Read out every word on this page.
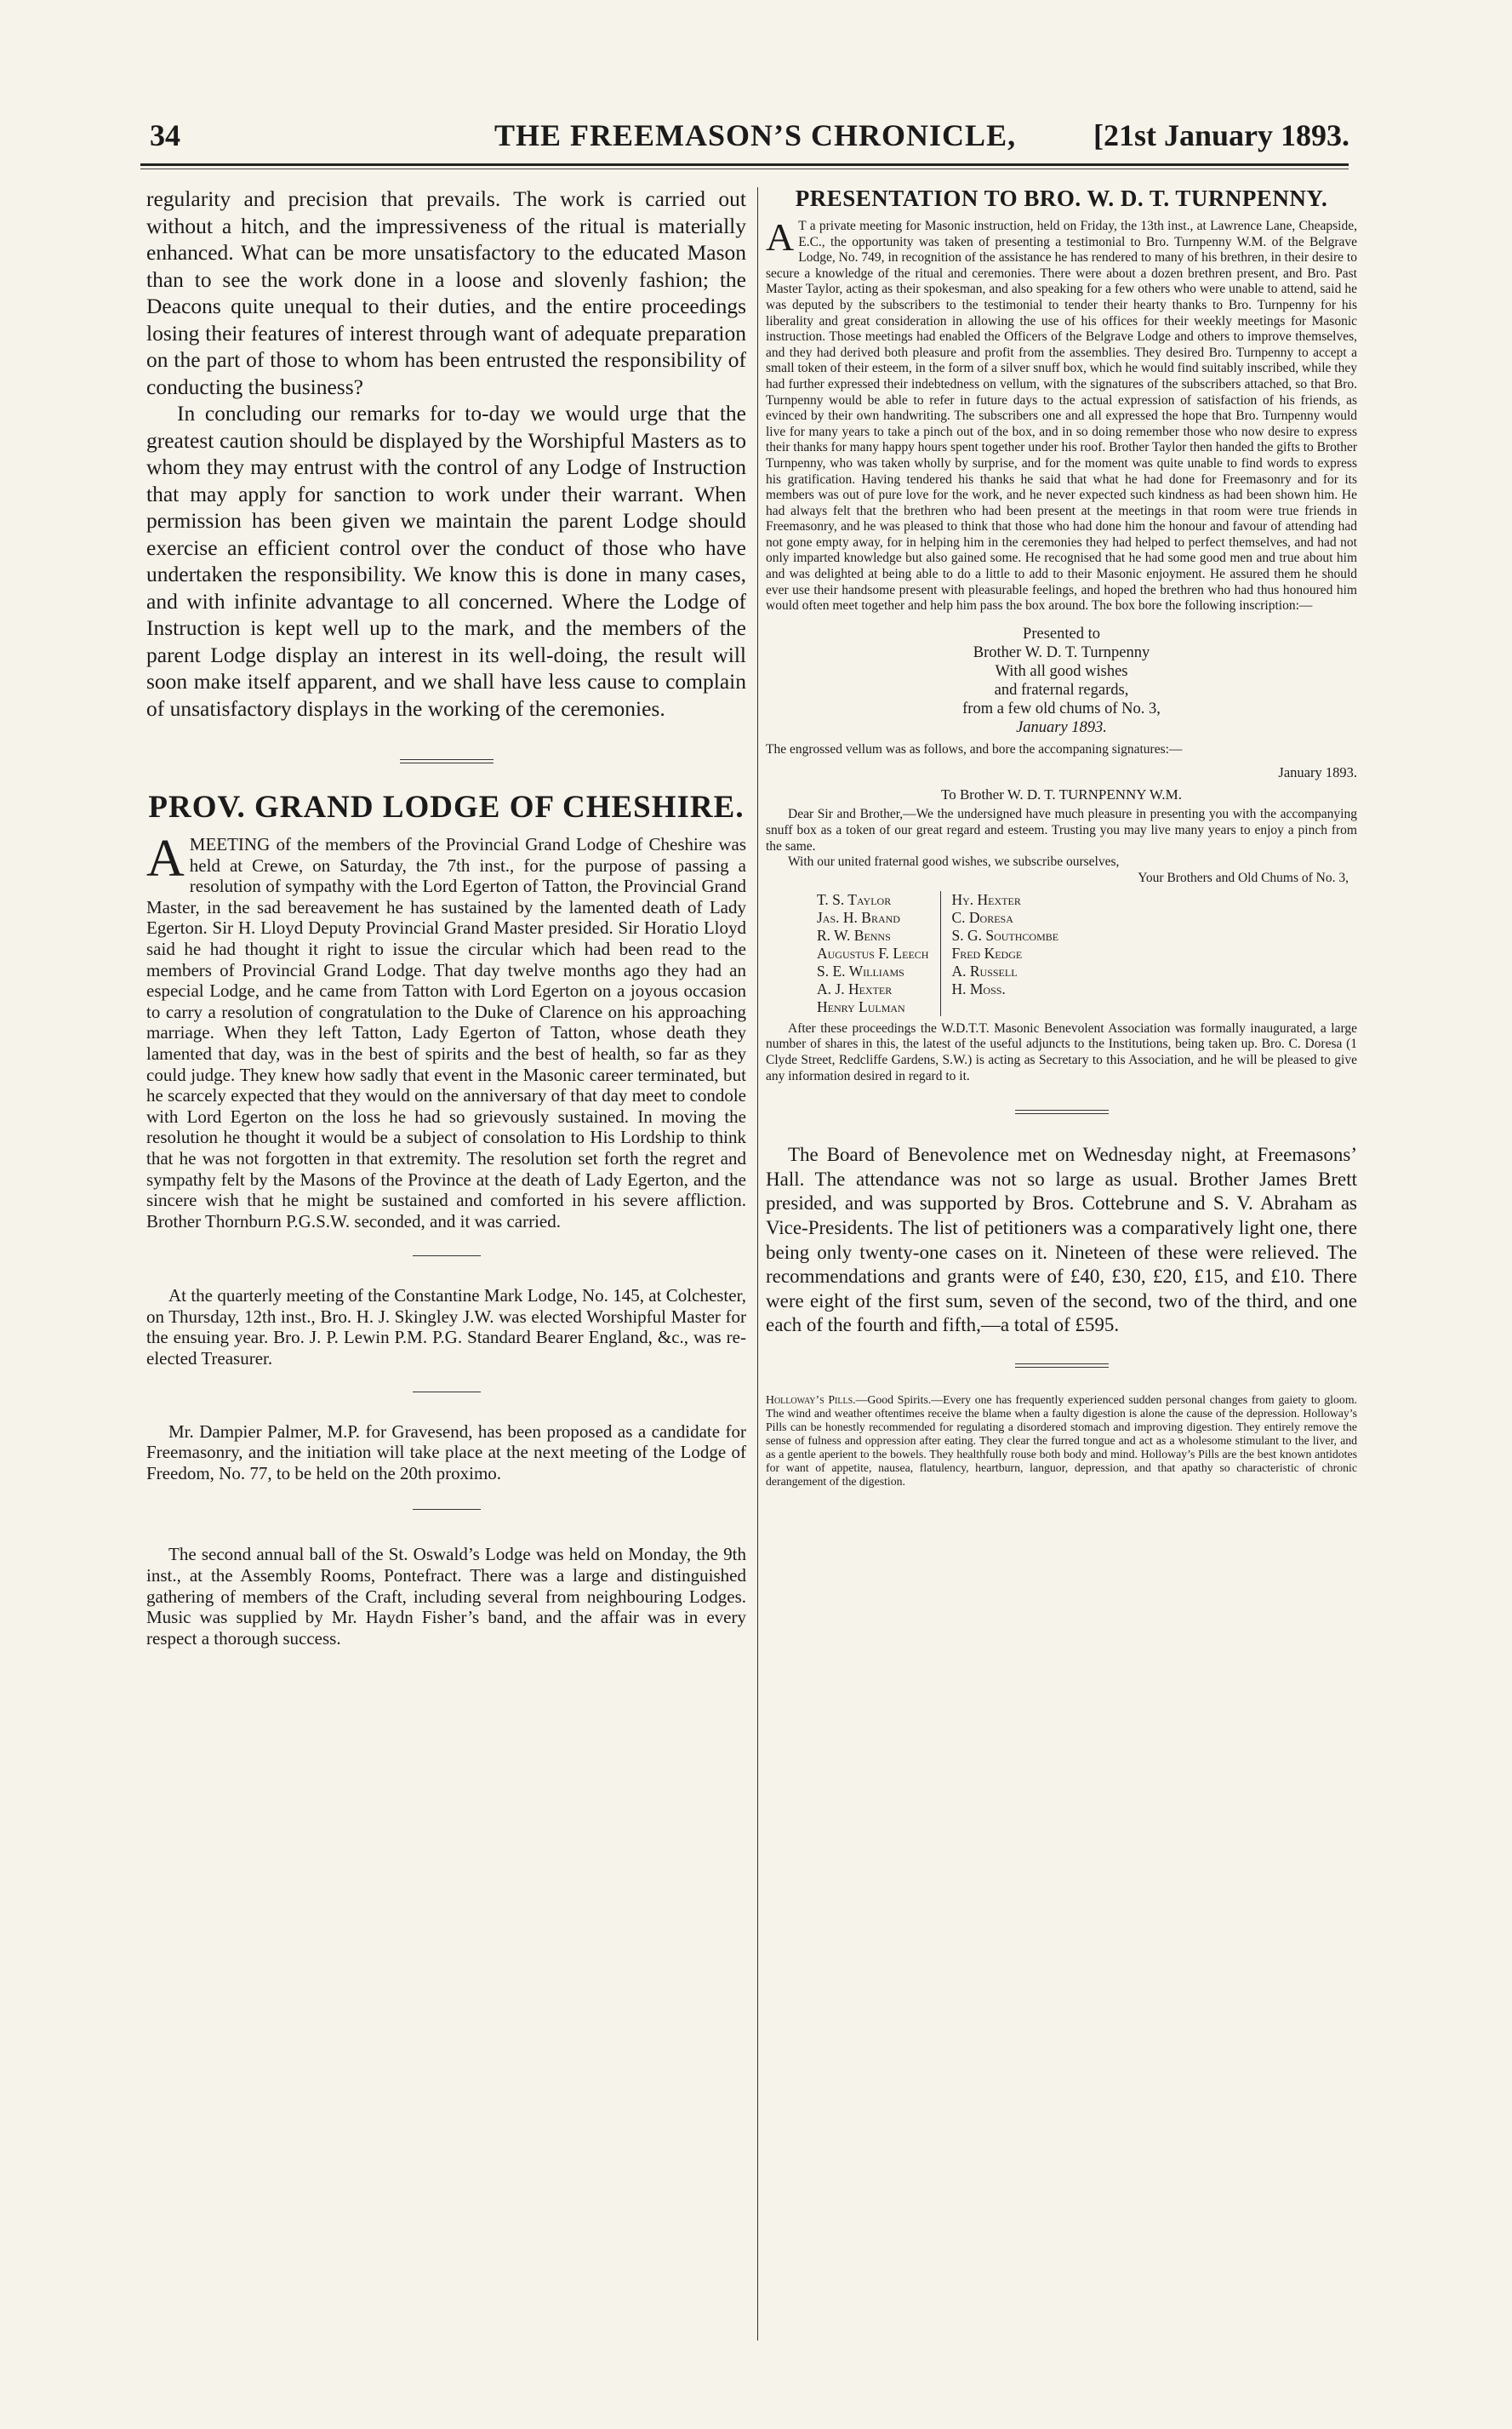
34	THE FREEMASON’S CHRONICLE,	[21st January 1893.

regularity and precision that prevails. The work is carried out without a hitch, and the impressiveness of the ritual is materially enhanced. What can be more unsatisfactory to the educated Mason than to see the work done in a loose and slovenly fashion; the Deacons quite unequal to their duties, and the entire proceedings losing their features of interest through want of adequate preparation on the part of those to whom has been entrusted the responsibility of conducting the business?

In concluding our remarks for to-day we would urge that the greatest caution should be displayed by the Worshipful Masters as to whom they may entrust with the control of any Lodge of Instruction that may apply for sanction to work under their warrant. When permission has been given we maintain the parent Lodge should exercise an efficient control over the conduct of those who have undertaken the responsibility. We know this is done in many cases, and with infinite advantage to all concerned. Where the Lodge of Instruction is kept well up to the mark, and the members of the parent Lodge display an interest in its well-doing, the result will soon make itself apparent, and we shall have less cause to complain of unsatisfactory displays in the working of the ceremonies.

PROV. GRAND LODGE OF CHESHIRE.

AMEETING of the members of the Provincial Grand Lodge of Cheshire was held at Crewe, on Saturday, the 7th inst., for the purpose of passing a resolution of sympathy with the Lord Egerton of Tatton, the Provincial Grand Master, in the sad bereavement he has sustained by the lamented death of Lady Egerton. Sir H. Lloyd Deputy Provincial Grand Master presided. Sir Horatio Lloyd said he had thought it right to issue the circular which had been read to the members of Provincial Grand Lodge. That day twelve months ago they had an especial Lodge, and he came from Tatton with Lord Egerton on a joyous occasion to carry a resolution of congratulation to the Duke of Clarence on his approaching marriage. When they left Tatton, Lady Egerton of Tatton, whose death they lamented that day, was in the best of spirits and the best of health, so far as they could judge. They knew how sadly that event in the Masonic career terminated, but he scarcely expected that they would on the anniversary of that day meet to condole with Lord Egerton on the loss he had so grievously sustained. In moving the resolution he thought it would be a subject of consolation to His Lordship to think that he was not forgotten in that extremity. The resolution set forth the regret and sympathy felt by the Masons of the Province at the death of Lady Egerton, and the sincere wish that he might be sustained and comforted in his severe affliction. Brother Thornburn P.G.S.W. seconded, and it was carried.

At the quarterly meeting of the Constantine Mark Lodge, No. 145, at Colchester, on Thursday, 12th inst., Bro. H. J. Skingley J.W. was elected Worshipful Master for the ensuing year. Bro. J. P. Lewin P.M. P.G. Standard Bearer England, &c., was re-elected Treasurer.

Mr. Dampier Palmer, M.P. for Gravesend, has been proposed as a candidate for Freemasonry, and the initiation will take place at the next meeting of the Lodge of Freedom, No. 77, to be held on the 20th proximo.

The second annual ball of the St. Oswald’s Lodge was held on Monday, the 9th inst., at the Assembly Rooms, Pontefract. There was a large and distinguished gathering of members of the Craft, including several from neighbouring Lodges. Music was supplied by Mr. Haydn Fisher’s band, and the affair was in every respect a thorough success.

PRESENTATION TO BRO. W. D. T. TURNPENNY.

A T a private meeting for Masonic instruction, held on Friday, the 13th inst., at Lawrence Lane, Cheapside, E.C., the opportunity was taken of presenting a testimonial to Bro. Turnpenny W.M. of the Belgrave Lodge, No. 749, in recognition of the assistance he has rendered to many of his brethren, in their desire to secure a knowledge of the ritual and ceremonies. There were about a dozen brethren present, and Bro. Past Master Taylor, acting as their spokesman, and also speaking for a few others who were unable to attend, said he was deputed by the subscribers to the testimonial to tender their hearty thanks to Bro. Turnpenny for his liberality and great consideration in allowing the use of his offices for their weekly meetings for Masonic instruction. Those meetings had enabled the Officers of the Belgrave Lodge and others to improve themselves, and they had derived both pleasure and profit from the assemblies. They desired Bro. Turnpenny to accept a small token of their esteem, in the form of a silver snuff box, which he would find suitably inscribed, while they had further expressed their indebtedness on vellum, with the signatures of the subscribers attached, so that Bro. Turnpenny would be able to refer in future days to the actual expression of satisfaction of his friends, as evinced by their own handwriting. The subscribers one and all expressed the hope that Bro. Turnpenny would live for many years to take a pinch out of the box, and in so doing remember those who now desire to express their thanks for many happy hours spent together under his roof. Brother Taylor then handed the gifts to Brother Turnpenny, who was taken wholly by surprise, and for the moment was quite unable to find words to express his gratification. Having tendered his thanks he said that what he had done for Freemasonry and for its members was out of pure love for the work, and he never expected such kindness as had been shown him. He had always felt that the brethren who had been present at the meetings in that room were true friends in Freemasonry, and he was pleased to think that those who had done him the honour and favour of attending had not gone empty away, for in helping him in the ceremonies they had helped to perfect themselves, and had not only imparted knowledge but also gained some. He recognised that he had some good men and true about him and was delighted at being able to do a little to add to their Masonic enjoyment. He assured them he should ever use their handsome present with pleasurable feelings, and hoped the brethren who had thus honoured him would often meet together and help him pass the box around. The box bore the following inscription:—

Presented to
Brother W. D. T. Turnpenny
With all good wishes
and fraternal regards,
from a few old chums of No. 3,
January 1893.

The engrossed vellum was as follows, and bore the accompaning signatures:—

January 1893.
To Brother W. D. T. TURNPENNY W.M.

Dear Sir and Brother,—We the undersigned have much pleasure in presenting you with the accompanying snuff box as a token of our great regard and esteem. Trusting you may live many years to enjoy a pinch from the same.

With our united fraternal good wishes, we subscribe ourselves,

Your Brothers and Old Chums of No. 3,
T. S. Taylor	Hy. Hexter
Jas. H. Brand	C. Doresa
R. W. Benns	S. G. Southcombe
Augustus F. Leech	Fred Kedge
S. E. Williams	A. Russell
A. J. Hexter	H. Moss.
Henry Lulman	

After these proceedings the W.D.T.T. Masonic Benevolent Association was formally inaugurated, a large number of shares in this, the latest of the useful adjuncts to the Institutions, being taken up. Bro. C. Doresa (1 Clyde Street, Redcliffe Gardens, S.W.) is acting as Secretary to this Association, and he will be pleased to give any information desired in regard to it.

The Board of Benevolence met on Wednesday night, at Freemasons’ Hall. The attendance was not so large as usual. Brother James Brett presided, and was supported by Bros. Cottebrune and S. V. Abraham as Vice-Presidents. The list of petitioners was a comparatively light one, there being only twenty-one cases on it. Nineteen of these were relieved. The recommendations and grants were of £40, £30, £20, £15, and £10. There were eight of the first sum, seven of the second, two of the third, and one each of the fourth and fifth,—a total of £595.

Holloway’s Pills.—Good Spirits.—Every one has frequently experienced sudden personal changes from gaiety to gloom. The wind and weather oftentimes receive the blame when a faulty digestion is alone the cause of the depression. Holloway’s Pills can be honestly recommended for regulating a disordered stomach and improving digestion. They entirely remove the sense of fulness and oppression after eating. They clear the furred tongue and act as a wholesome stimulant to the liver, and as a gentle aperient to the bowels. They healthfully rouse both body and mind. Holloway’s Pills are the best known antidotes for want of appetite, nausea, flatulency, heartburn, languor, depression, and that apathy so characteristic of chronic derangement of the digestion.
